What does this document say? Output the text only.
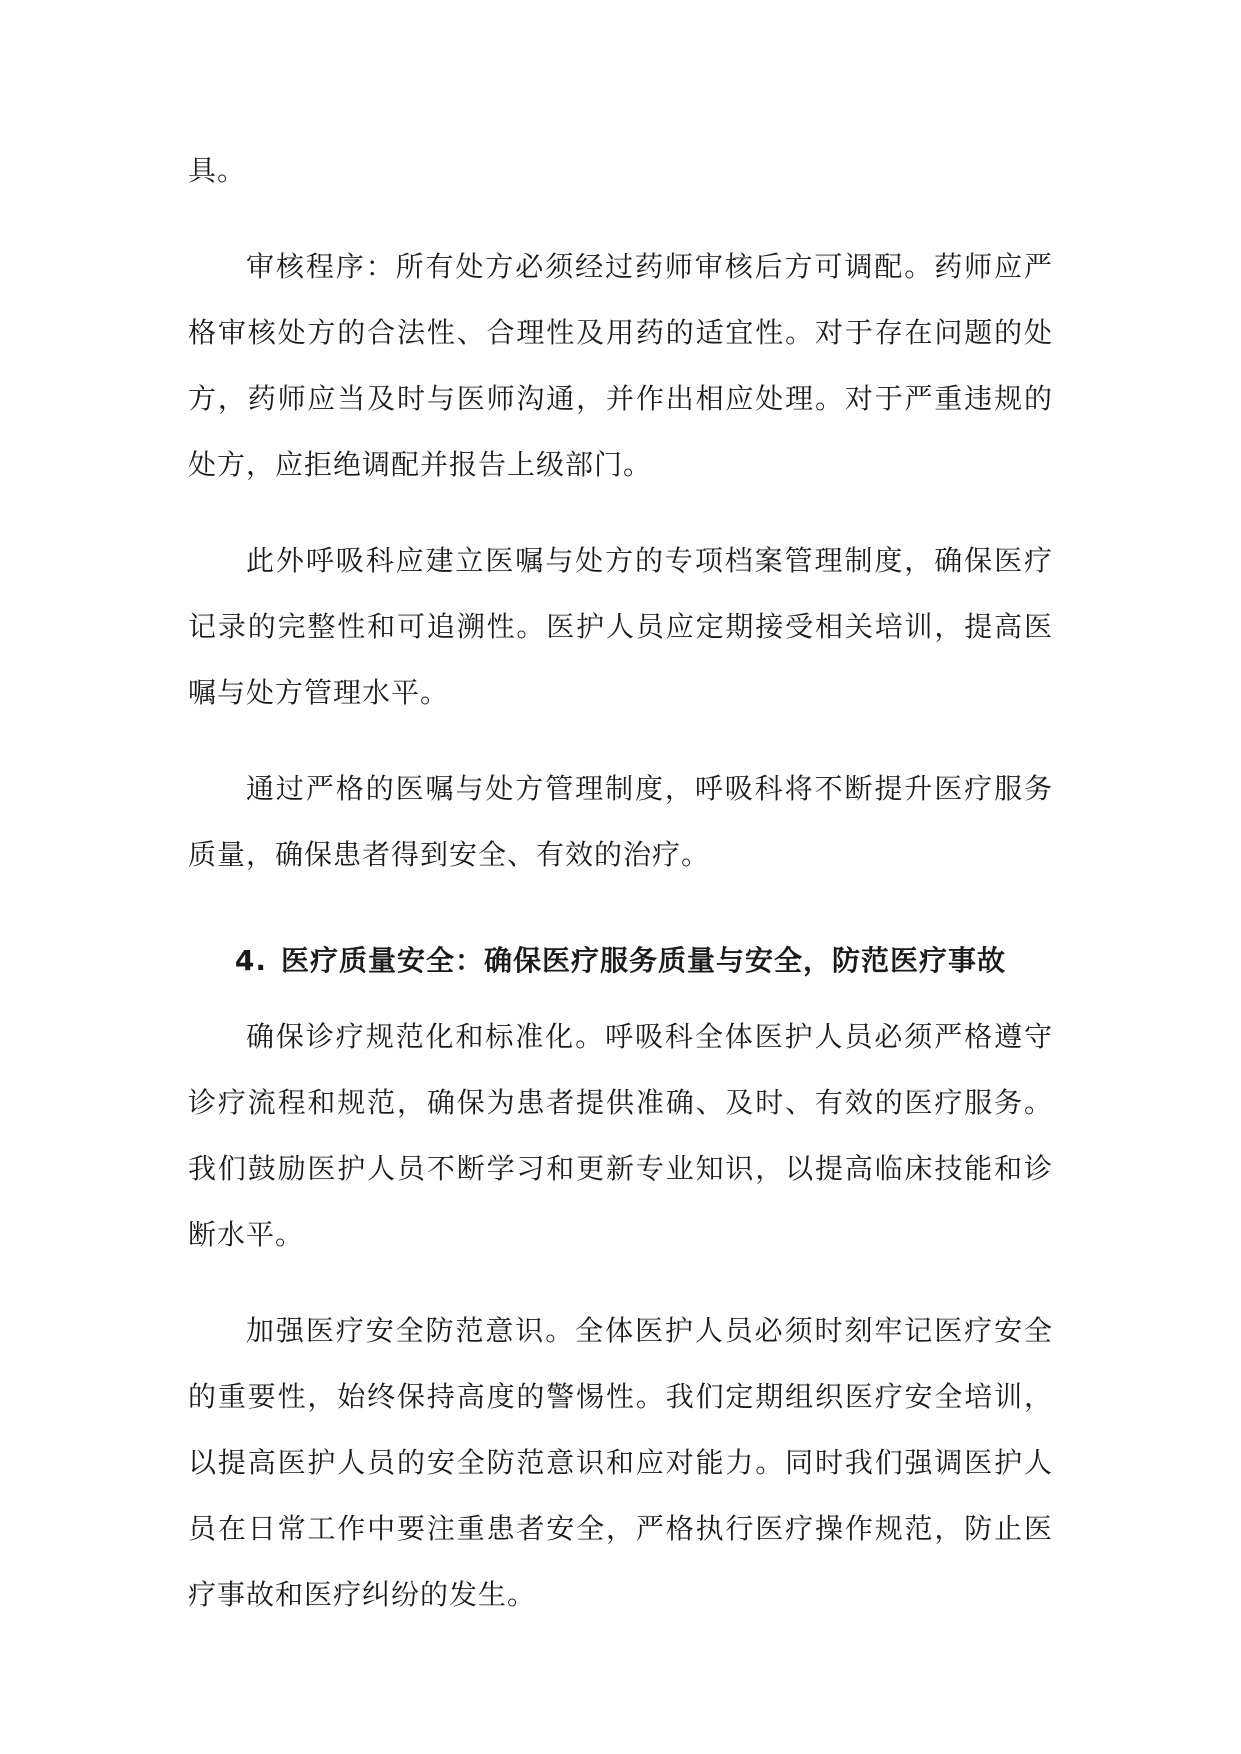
具。

审核程序：所有处方必须经过药师审核后方可调配。药师应严格审核处方的合法性、合理性及用药的适宜性。对于存在问题的处方，药师应当及时与医师沟通，并作出相应处理。对于严重违规的处方，应拒绝调配并报告上级部门。

此外呼吸科应建立医嘱与处方的专项档案管理制度，确保医疗记录的完整性和可追溯性。医护人员应定期接受相关培训，提高医嘱与处方管理水平。

通过严格的医嘱与处方管理制度，呼吸科将不断提升医疗服务质量，确保患者得到安全、有效的治疗。

4. 医疗质量安全：确保医疗服务质量与安全，防范医疗事故

确保诊疗规范化和标准化。呼吸科全体医护人员必须严格遵守诊疗流程和规范，确保为患者提供准确、及时、有效的医疗服务。我们鼓励医护人员不断学习和更新专业知识，以提高临床技能和诊断水平。

加强医疗安全防范意识。全体医护人员必须时刻牢记医疗安全的重要性，始终保持高度的警惕性。我们定期组织医疗安全培训，以提高医护人员的安全防范意识和应对能力。同时我们强调医护人员在日常工作中要注重患者安全，严格执行医疗操作规范，防止医疗事故和医疗纠纷的发生。
